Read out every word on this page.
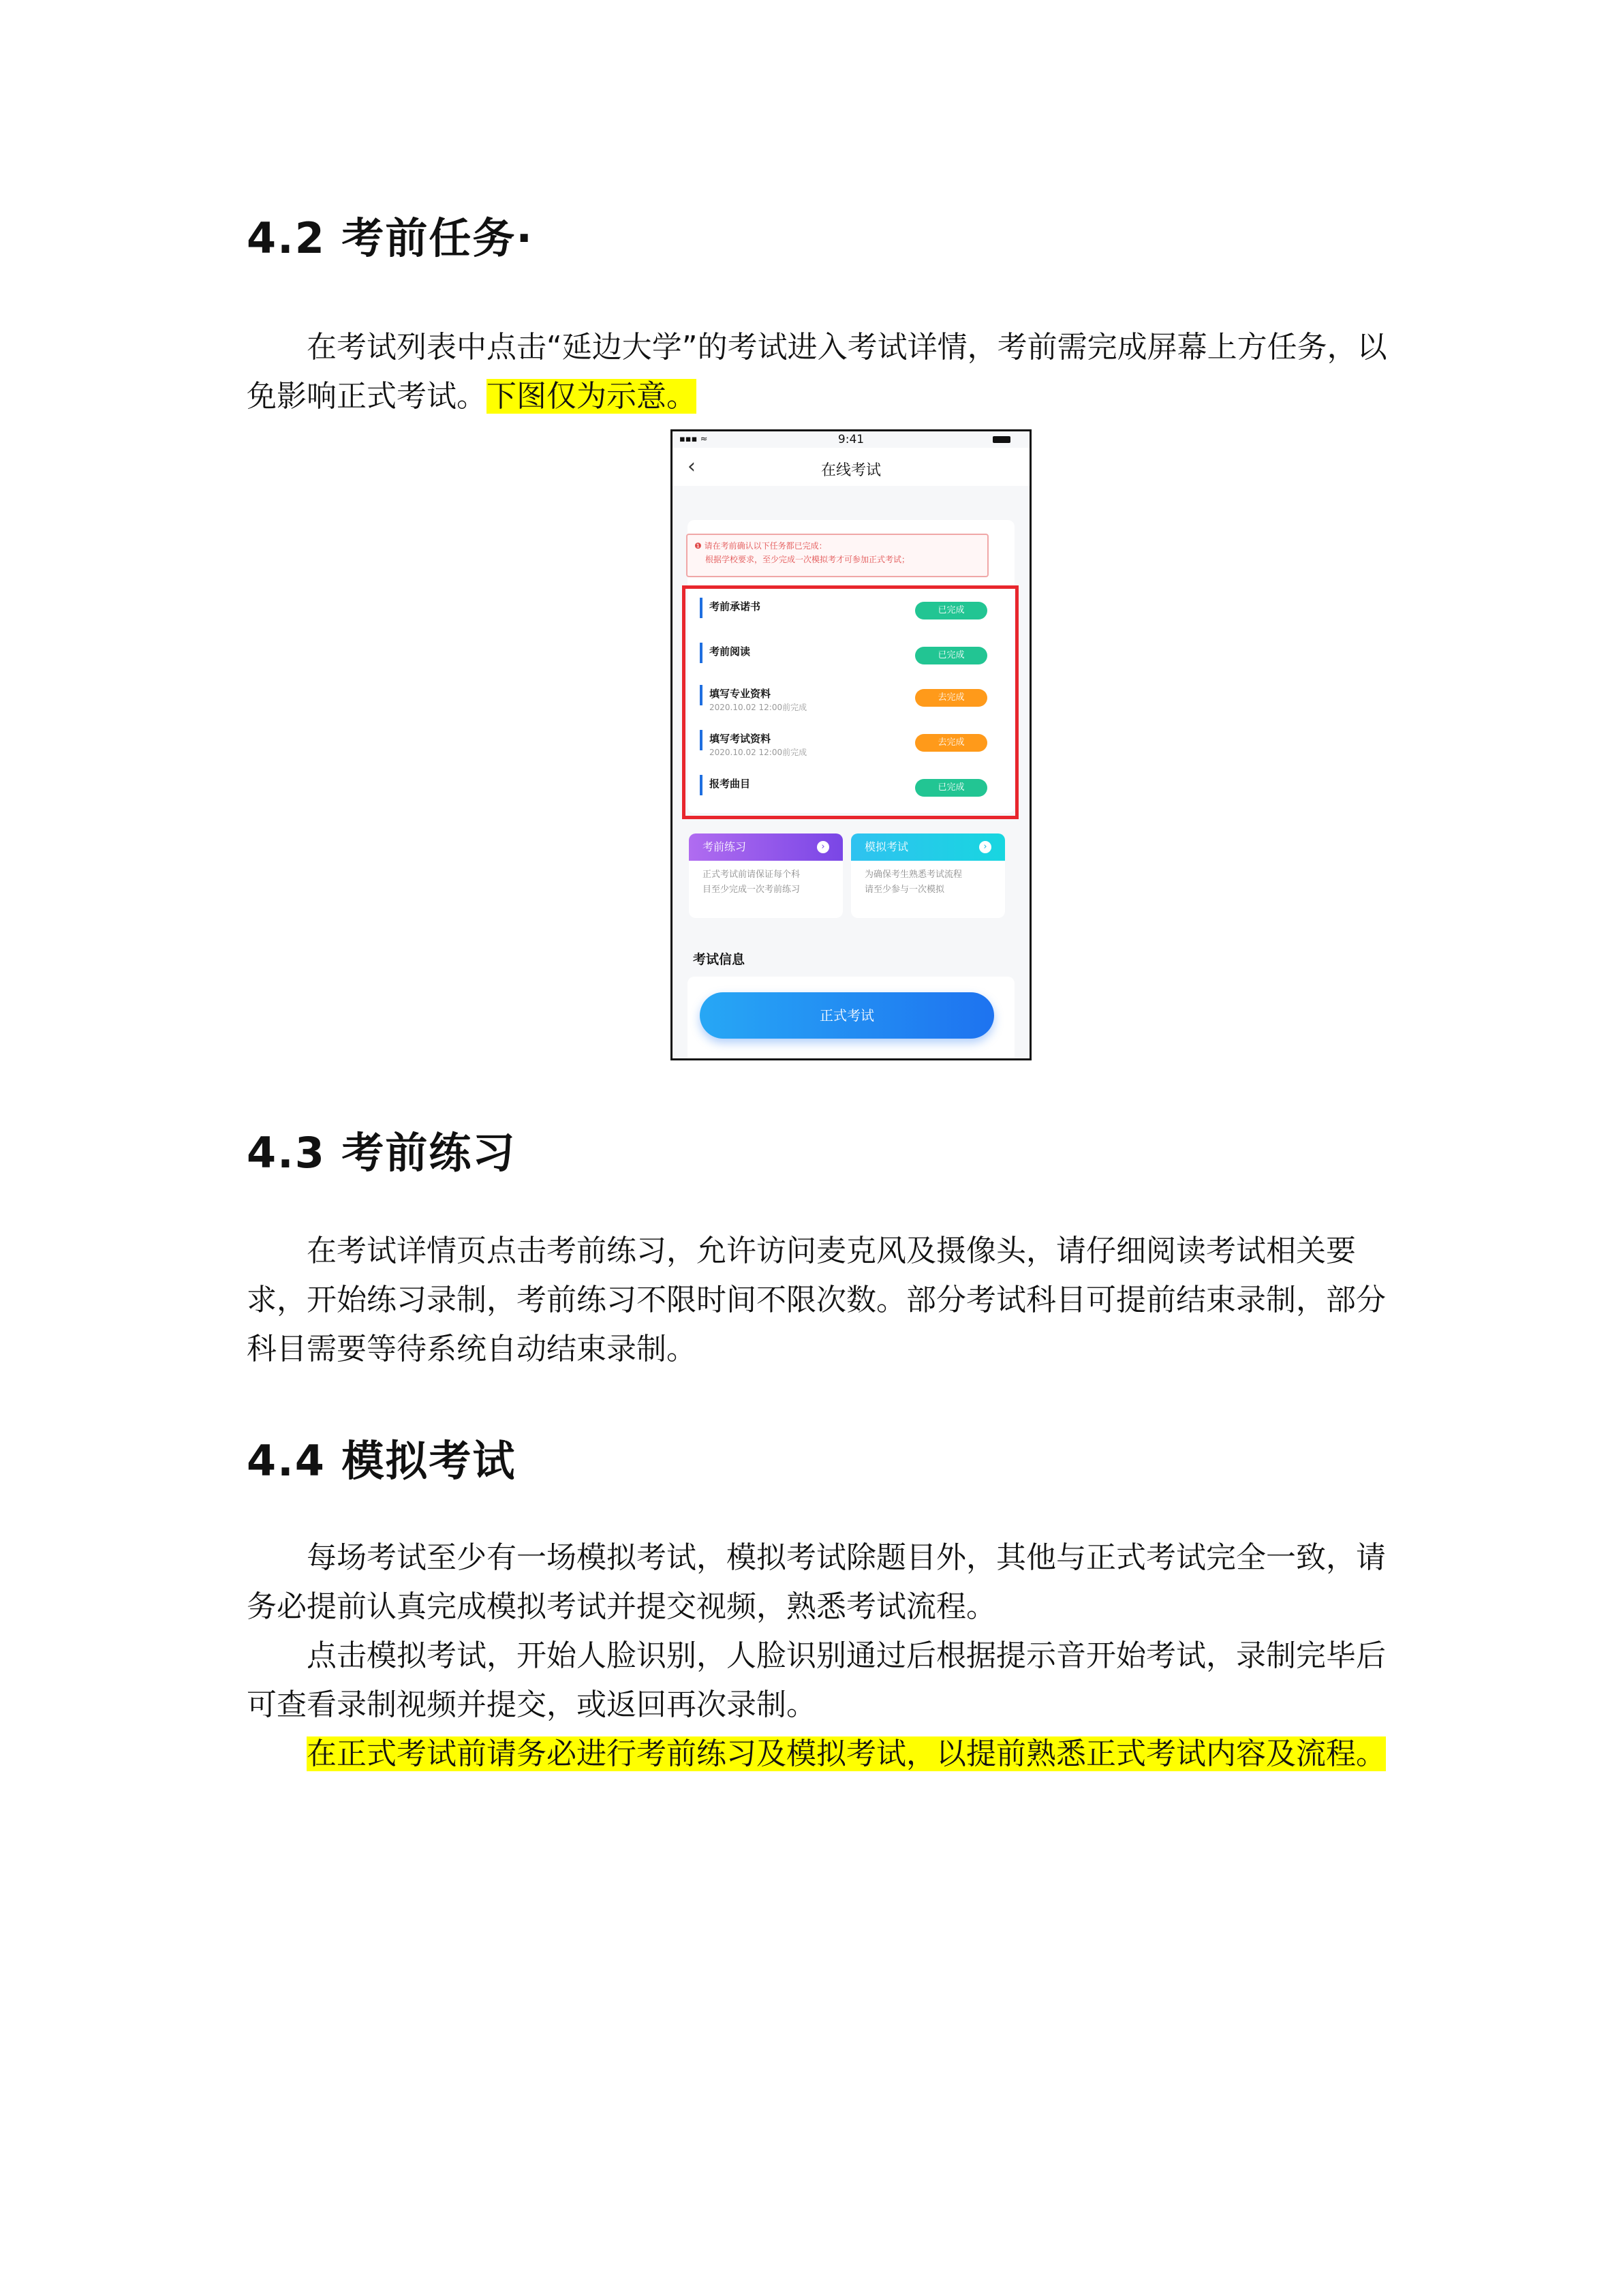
4.2 考前任务·

在考试列表中点击“延边大学”的考试进入考试详情，考前需完成屏幕上方任务，以免影响正式考试。下图仅为示意。

▪▪▪ ≈	9:41
‹	在线考试
❶ 请在考前确认以下任务都已完成：
根据学校要求，至少完成一次模拟考才可参加正式考试；
考前承诺书	已完成
考前阅读	已完成
填写专业资料
2020.10.02 12:00前完成
去完成
填写考试资料
2020.10.02 12:00前完成
去完成
报考曲目	已完成
考前练习	›
正式考试前请保证每个科
目至少完成一次考前练习
模拟考试	›
为确保考生熟悉考试流程
请至少参与一次模拟
考试信息
正式考试
4.3 考前练习

在考试详情页点击考前练习，允许访问麦克风及摄像头，请仔细阅读考试相关要求，开始练习录制，考前练习不限时间不限次数。部分考试科目可提前结束录制，部分科目需要等待系统自动结束录制。

4.4 模拟考试

每场考试至少有一场模拟考试，模拟考试除题目外，其他与正式考试完全一致，请务必提前认真完成模拟考试并提交视频，熟悉考试流程。

点击模拟考试，开始人脸识别，人脸识别通过后根据提示音开始考试，录制完毕后可查看录制视频并提交，或返回再次录制。

在正式考试前请务必进行考前练习及模拟考试，以提前熟悉正式考试内容及流程。
